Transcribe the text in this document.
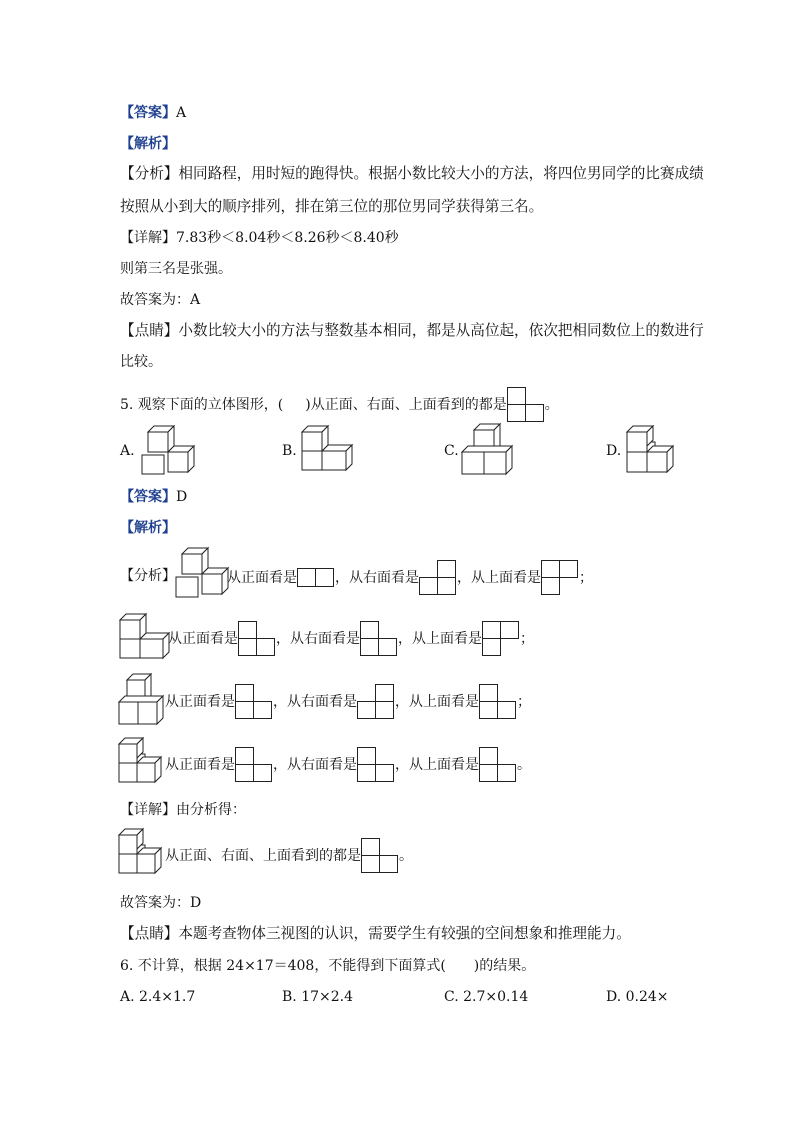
【答案】A
【解析】
【分析】相同路程，用时短的跑得快。根据小数比较大小的方法，将四位男同学的比赛成绩
按照从小到大的顺序排列，排在第三位的那位男同学获得第三名。
【详解】7.83秒＜8.04秒＜8.26秒＜8.40秒
则第三名是张强。
故答案为：A
【点睛】小数比较大小的方法与整数基本相同，都是从高位起，依次把相同数位上的数进行
比较。
5. 观察下面的立体图形，( )从正面、右面、上面看到的都是	。
A.	B.	C.	D.
【答案】D
【解析】
【分析】	从正面看是	，从右面看是	，从上面看是	；
从正面看是	，从右面看是	，从上面看是	；
从正面看是	，从右面看是	，从上面看是	；
从正面看是	，从右面看是	，从上面看是	。
【详解】由分析得：
从正面、右面、上面看到的都是	。
故答案为：D
【点睛】本题考查物体三视图的认识，需要学生有较强的空间想象和推理能力。
6. 不计算，根据 24×17＝408，不能得到下面算式(　　)的结果。
A. 2.4×1.7	B. 17×2.4	C. 2.7×0.14	D. 0.24×
